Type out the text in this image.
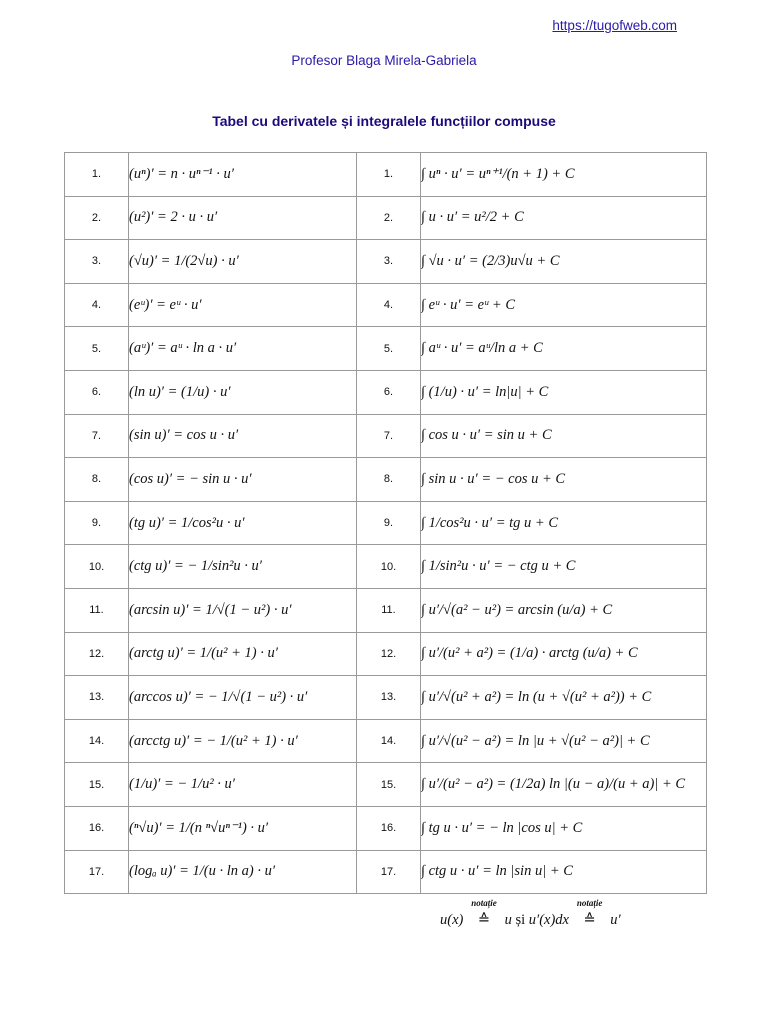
https://tugofweb.com
Profesor Blaga Mirela-Gabriela
Tabel cu derivatele și integralele funcțiilor compuse
1.	(uⁿ)′ = n · uⁿ⁻¹ · u′	1.	∫ uⁿ · u′ = uⁿ⁺¹/(n + 1) + C
2.	(u²)′ = 2 · u · u′	2.	∫ u · u′ = u²/2 + C
3.	(√u)′ = 1/(2√u) · u′	3.	∫ √u · u′ = (2/3)u√u + C
4.	(eᵘ)′ = eᵘ · u′	4.	∫ eᵘ · u′ = eᵘ + C
5.	(aᵘ)′ = aᵘ · ln a · u′	5.	∫ aᵘ · u′ = aᵘ/ln a + C
6.	(ln u)′ = (1/u) · u′	6.	∫ (1/u) · u′ = ln|u| + C
7.	(sin u)′ = cos u · u′	7.	∫ cos u · u′ = sin u + C
8.	(cos u)′ = − sin u · u′	8.	∫ sin u · u′ = − cos u + C
9.	(tg u)′ = 1/cos²u · u′	9.	∫ 1/cos²u · u′ = tg u + C
10.	(ctg u)′ = − 1/sin²u · u′	10.	∫ 1/sin²u · u′ = − ctg u + C
11.	(arcsin u)′ = 1/√(1 − u²) · u′	11.	∫ u′/√(a² − u²) = arcsin (u/a) + C
12.	(arctg u)′ = 1/(u² + 1) · u′	12.	∫ u′/(u² + a²) = (1/a) · arctg (u/a) + C
13.	(arccos u)′ = − 1/√(1 − u²) · u′	13.	∫ u′/√(u² + a²) = ln (u + √(u² + a²)) + C
14.	(arcctg u)′ = − 1/(u² + 1) · u′	14.	∫ u′/√(u² − a²) = ln |u + √(u² − a²)| + C
15.	(1/u)′ = − 1/u² · u′	15.	∫ u′/(u² − a²) = (1/2a) ln |(u − a)/(u + a)| + C
16.	(ⁿ√u)′ = 1/(n ⁿ√uⁿ⁻¹) · u′	16.	∫ tg u · u′ = − ln |cos u| + C
17.	(logₐ u)′ = 1/(u · ln a) · u′	17.	∫ ctg u · u′ = ln |sin u| + C
u(x)
notație
≙ u și u′(x)dx
notație
≙ u′
